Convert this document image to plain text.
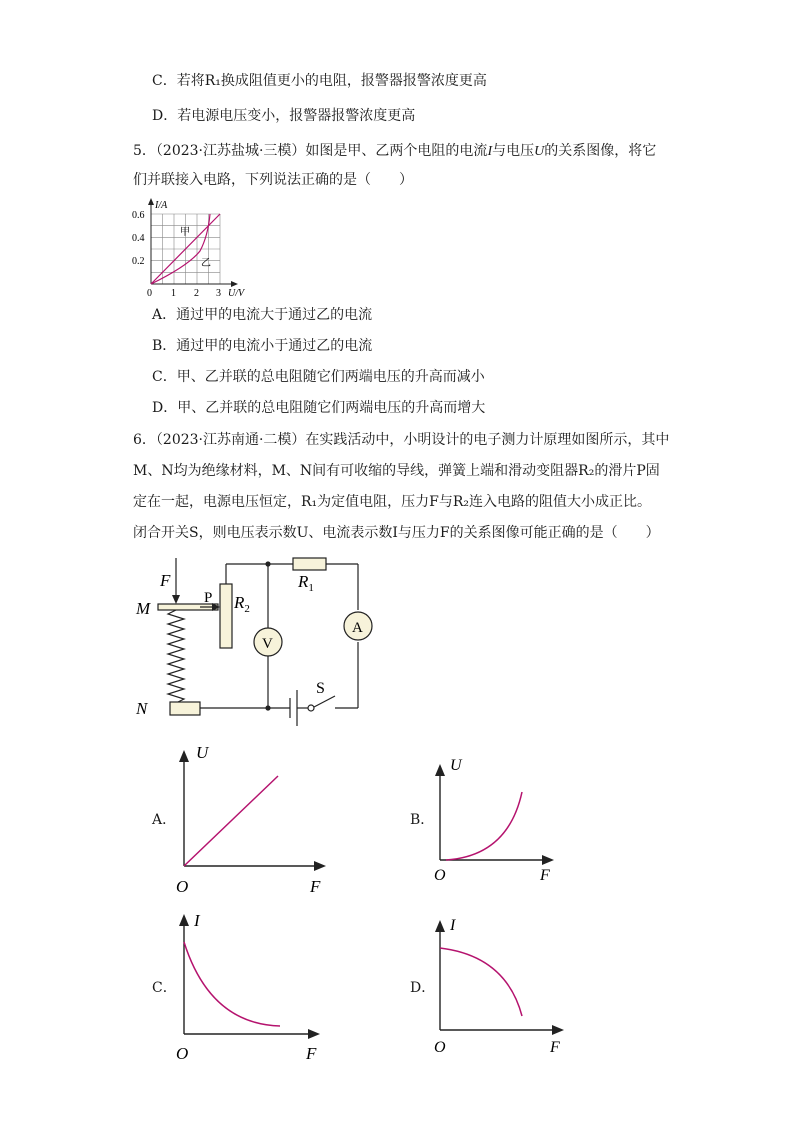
C．若将R₁换成阻值更小的电阻，报警器报警浓度更高
D．若电源电压变小，报警器报警浓度更高
5．（2023·江苏盐城·三模）如图是甲、乙两个电阻的电流I与电压U的关系图像，将它
们并联接入电路，下列说法正确的是（　　）
I/A
U/V
0.6
0.4
0.2
0 1 2 3
甲
乙
A．通过甲的电流大于通过乙的电流
B．通过甲的电流小于通过乙的电流
C．甲、乙并联的总电阻随它们两端电压的升高而减小
D．甲、乙并联的总电阻随它们两端电压的升高而增大
6．（2023·江苏南通·二模）在实践活动中，小明设计的电子测力计原理如图所示，其中
M、N均为绝缘材料，M、N间有可收缩的导线，弹簧上端和滑动变阻器R₂的滑片P固
定在一起，电源电压恒定，R₁为定值电阻，压力F与R₂连入电路的阻值大小成正比。
闭合开关S，则电压表示数U、电流表示数I与压力F的关系图像可能正确的是（　　）
F
M
N
P $R_2$
$R_1$
V
A
S
A．
U
O	F
B．
U
O	F
C．
I
O	F
D．
I
O	F
